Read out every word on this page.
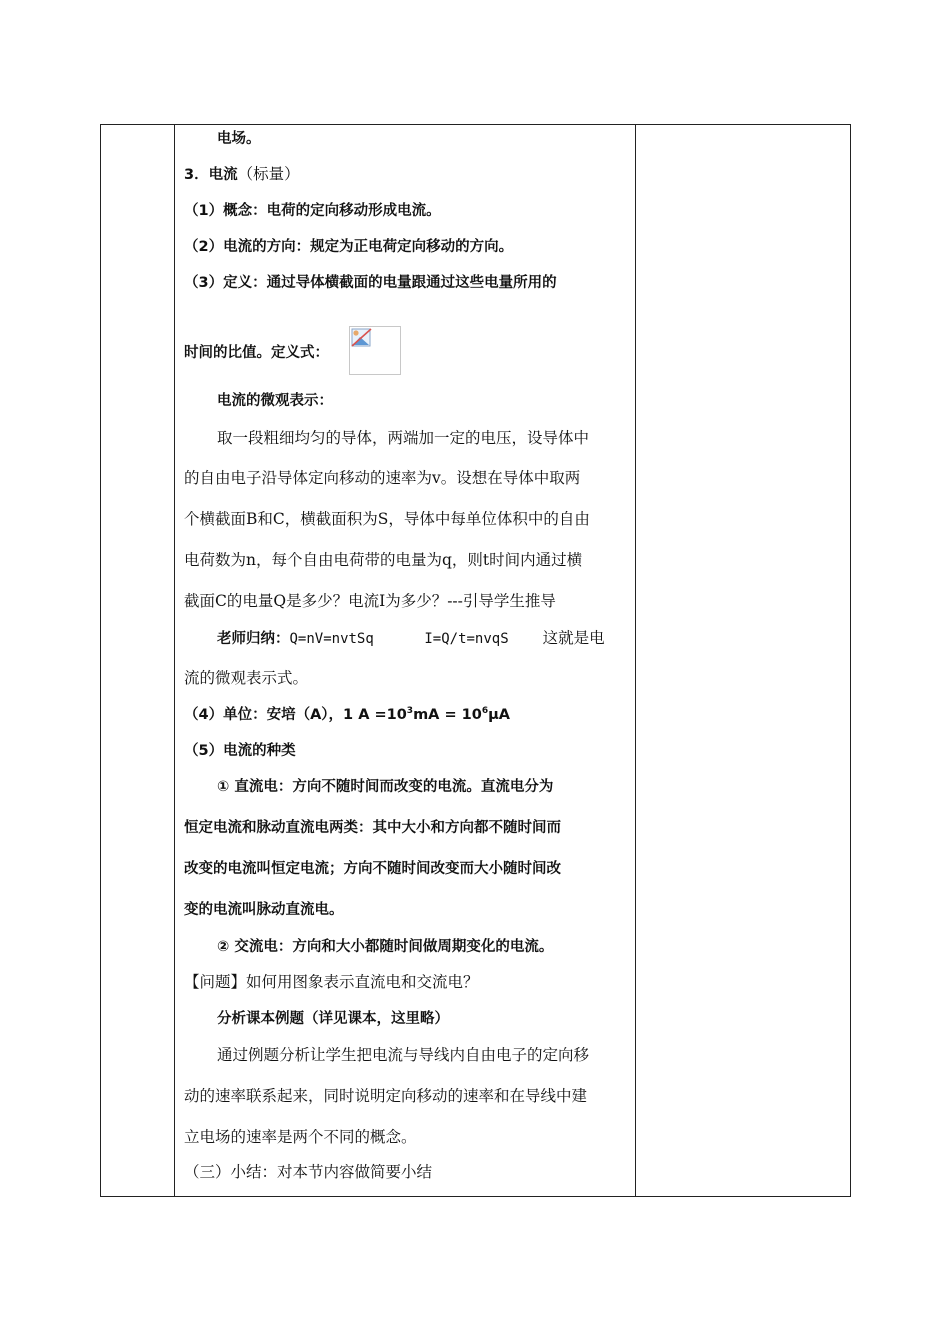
电场。
3．电流（标量）
（1）概念：电荷的定向移动形成电流。
（2）电流的方向：规定为正电荷定向移动的方向。
（3）定义：通过导体横截面的电量跟通过这些电量所用的
时间的比值。定义式：
电流的微观表示：
取一段粗细均匀的导体，两端加一定的电压，设导体中
的自由电子沿导体定向移动的速率为v。设想在导体中取两
个横截面B和C，横截面积为S，导体中每单位体积中的自由
电荷数为n，每个自由电荷带的电量为q，则t时间内通过横
截面C的电量Q是多少？电流I为多少？---引导学生推导
老师归纳：Q=nV=nvtSq      I=Q/t=nvqS 这就是电
流的微观表示式。
（4）单位：安培（A），1 $A =10^3mA = 10^6\mu A$
（5）电流的种类
① 直流电：方向不随时间而改变的电流。直流电分为
恒定电流和脉动直流电两类：其中大小和方向都不随时间而
改变的电流叫恒定电流；方向不随时间改变而大小随时间改
变的电流叫脉动直流电。
② 交流电：方向和大小都随时间做周期变化的电流。
【问题】如何用图象表示直流电和交流电？
分析课本例题（详见课本，这里略）
通过例题分析让学生把电流与导线内自由电子的定向移
动的速率联系起来，同时说明定向移动的速率和在导线中建
立电场的速率是两个不同的概念。
（三）小结：对本节内容做简要小结
